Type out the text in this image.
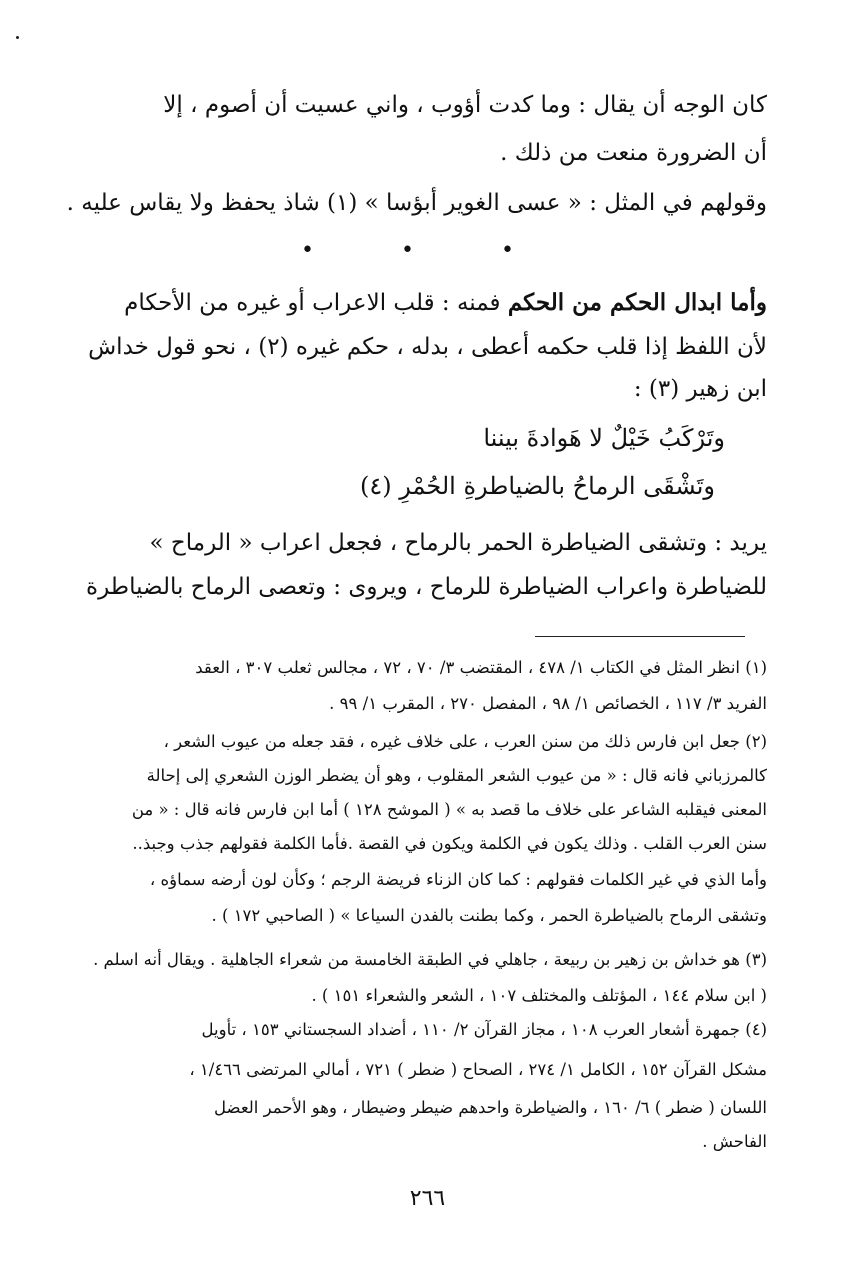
كان الوجه أن يقال : وما كدت أؤوب ، واني عسيت أن أصوم ، إلا
أن الضرورة منعت من ذلك .
وقولهم في المثل : « عسى الغوير أبؤسا » (١) شاذ يحفظ ولا يقاس عليه .
• • •
وأما ابدال الحكم من الحكم فمنه : قلب الاعراب أو غيره من الأحكام
لأن اللفظ إذا قلب حكمه أعطى ، بدله ، حكم غيره (٢) ، نحو قول خداش
ابن زهير (٣) :
وتَرْكَبُ خَيْلٌ لا هَوادةَ بيننا
وتَشْقَى الرماحُ بالضياطرةِ الحُمْرِ (٤)
يريد : وتشقى الضياطرة الحمر بالرماح ، فجعل اعراب « الرماح »
للضياطرة واعراب الضياطرة للرماح ، ويروى : وتعصى الرماح بالضياطرة
(١) انظر المثل في الكتاب ١/ ٤٧٨ ، المقتضب ٣/ ٧٠ ، ٧٢ ، مجالس ثعلب ٣٠٧ ، العقد
الفريد ٣/ ١١٧ ، الخصائص ١/ ٩٨ ، المفصل ٢٧٠ ، المقرب ١/ ٩٩ .
(٢) جعل ابن فارس ذلك من سنن العرب ، على خلاف غيره ، فقد جعله من عيوب الشعر ،
كالمرزباني فانه قال : « من عيوب الشعر المقلوب ، وهو أن يضطر الوزن الشعري إلى إحالة
المعنى فيقلبه الشاعر على خلاف ما قصد به » ( الموشح ١٢٨ ) أما ابن فارس فانه قال : « من
سنن العرب القلب . وذلك يكون في الكلمة ويكون في القصة .فأما الكلمة فقولهم جذب وجبذ..
وأما الذي في غير الكلمات فقولهم : كما كان الزناء فريضة الرجم ؛ وكأن لون أرضه سماؤه ،
وتشقى الرماح بالضياطرة الحمر ، وكما بطنت بالفدن السياعا » ( الصاحبي ١٧٢ ) .
(٣) هو خداش بن زهير بن ربيعة ، جاهلي في الطبقة الخامسة من شعراء الجاهلية . ويقال أنه اسلم .
( ابن سلام ١٤٤ ، المؤتلف والمختلف ١٠٧ ، الشعر والشعراء ١٥١ ) .
(٤) جمهرة أشعار العرب ١٠٨ ، مجاز القرآن ٢/ ١١٠ ، أضداد السجستاني ١٥٣ ، تأويل
مشكل القرآن ١٥٢ ، الكامل ١/ ٢٧٤ ، الصحاح ( ضطر ) ٧٢١ ، أمالي المرتضى ١/٤٦٦ ،
اللسان ( ضطر ) ٦/ ١٦٠ ، والضياطرة واحدهم ضيطر وضيطار ، وهو الأحمر العضل
الفاحش .
٢٦٦
